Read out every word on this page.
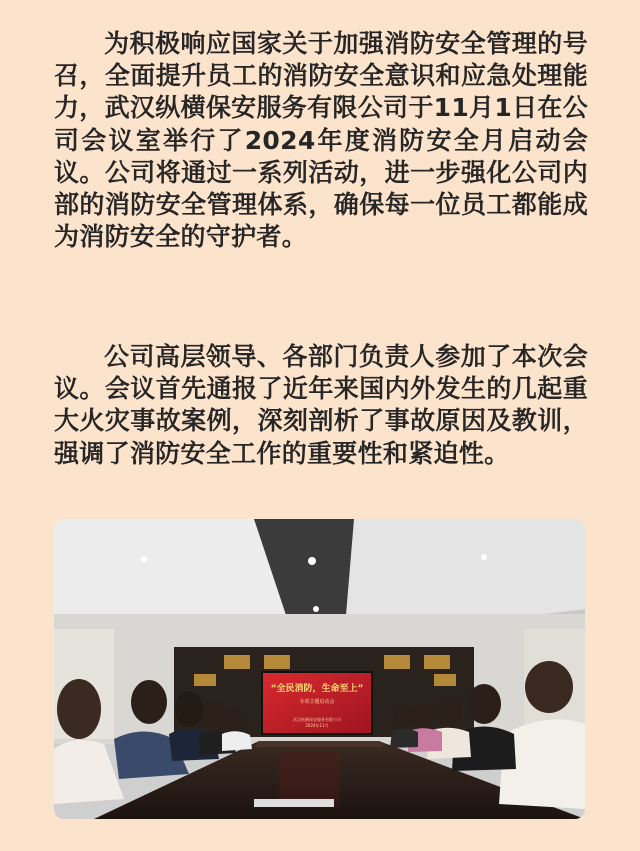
为积极响应国家关于加强消防安全管理的号召，全面提升员工的消防安全意识和应急处理能力，武汉纵横保安服务有限公司于11月1日在公司会议室举行了2024年度消防安全月启动会议。公司将通过一系列活动，进一步强化公司内部的消防安全管理体系，确保每一位员工都能成为消防安全的守护者。

公司高层领导、各部门负责人参加了本次会议。会议首先通报了近年来国内外发生的几起重大火灾事故案例，深刻剖析了事故原因及教训，强调了消防安全工作的重要性和紧迫性。

“全民消防，生命至上”
专项主题启动会
武汉纵横保安服务有限公司
2024年11月
